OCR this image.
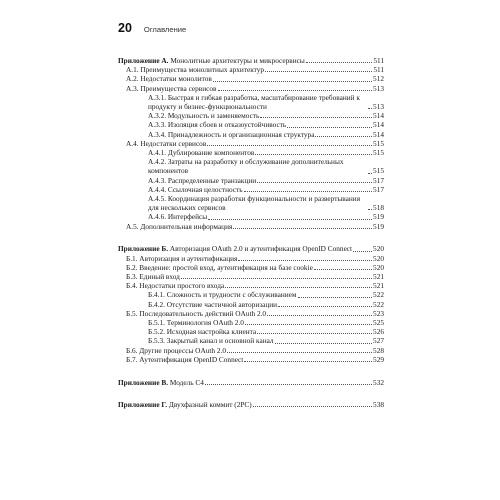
20 Оглавление
Приложение А. Монолитные архитектуры и микросервисы	511
А.1. Преимущества монолитных архитектур	511
А.2. Недостатки монолитов	512
А.3. Преимущества сервисов	513
А.3.1. Быстрая и гибкая разработка, масштабирование требований к продукту и бизнес-функциональности	513
А.3.2. Модульность и заменяемость	514
А.3.3. Изоляция сбоев и отказоустойчивость	514
А.3.4. Принадлежность и организационная структура	514
А.4. Недостатки сервисов	515
А.4.1. Дублирование компонентов	515
А.4.2. Затраты на разработку и обслуживание дополнительных компонентов	515
А.4.3. Распределенные транзакции	517
А.4.4. Ссылочная целостность	517
А.4.5. Координация разработки функциональности и развертывания для нескольких сервисов	518
А.4.6. Интерфейсы	519
А.5. Дополнительная информация	519
Приложение Б. Авторизация OAuth 2.0 и аутентификация OpenID Connect	520
Б.1. Авторизация и аутентификация	520
Б.2. Введение: простой вход, аутентификация на базе cookie	520
Б.3. Единый вход	521
Б.4. Недостатки простого входа	521
Б.4.1. Сложность и трудности с обслуживанием	522
Б.4.2. Отсутствие частичной авторизации	522
Б.5. Последовательность действий OAuth 2.0	523
Б.5.1. Терминология OAuth 2.0	525
Б.5.2. Исходная настройка клиента	526
Б.5.3. Закрытый канал и основной канал	527
Б.6. Другие процессы OAuth 2.0	528
Б.7. Аутентификация OpenID Connect	529
Приложение В. Модель C4	532
Приложение Г. Двухфазный коммит (2PC)	538
